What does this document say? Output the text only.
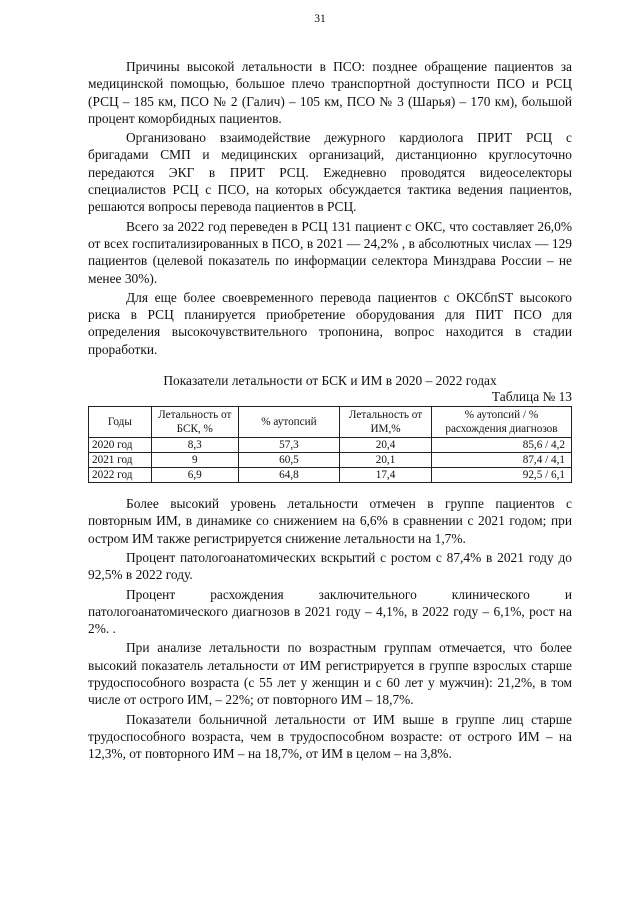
31

Причины высокой летальности в ПСО: позднее обращение пациентов за медицинской помощью, большое плечо транспортной доступности ПСО и РСЦ (РСЦ – 185 км, ПСО № 2 (Галич) – 105 км, ПСО № 3 (Шарья) – 170 км), большой процент коморбидных пациентов.

Организовано взаимодействие дежурного кардиолога ПРИТ РСЦ с бригадами СМП и медицинских организаций, дистанционно круглосуточно передаются ЭКГ в ПРИТ РСЦ. Ежедневно проводятся видеоселекторы специалистов РСЦ с ПСО, на которых обсуждается тактика ведения пациентов, решаются вопросы перевода пациентов в РСЦ.

Всего за 2022 год переведен в РСЦ 131 пациент с ОКС, что составляет 26,0% от всех госпитализированных в ПСО, в 2021 — 24,2% , в абсолютных числах — 129 пациентов (целевой показатель по информации селектора Минздрава России – не менее 30%).

Для еще более своевременного перевода пациентов с ОКСбпST высокого риска в РСЦ планируется приобретение оборудования для ПИТ ПСО для определения высокочувствительного тропонина, вопрос находится в стадии проработки.

Показатели летальности от БСК и ИМ в 2020 – 2022 годах

Таблица № 13

Годы	Летальность от БСК, %	% аутопсий	Летальность от ИМ,%	% аутопсий / % расхождения диагнозов
2020 год	8,3	57,3	20,4	85,6 / 4,2
2021 год	9	60,5	20,1	87,4 / 4,1
2022 год	6,9	64,8	17,4	92,5 / 6,1

Более высокий уровень летальности отмечен в группе пациентов с повторным ИМ, в динамике со снижением на 6,6% в сравнении с 2021 годом; при остром ИМ также регистрируется снижение летальности на 1,7%.

Процент патологоанатомических вскрытий с ростом с 87,4% в 2021 году до 92,5% в 2022 году.

Процент расхождения заключительного клинического и патологоанатомического диагнозов в 2021 году – 4,1%, в 2022 году – 6,1%, рост на 2%. .

При анализе летальности по возрастным группам отмечается, что более высокий показатель летальности от ИМ регистрируется в группе взрослых старше трудоспособного возраста (с 55 лет у женщин и с 60 лет у мужчин): 21,2%, в том числе от острого ИМ, – 22%; от повторного ИМ – 18,7%.

Показатели больничной летальности от ИМ выше в группе лиц старше трудоспособного возраста, чем в трудоспособном возрасте: от острого ИМ – на 12,3%, от повторного ИМ – на 18,7%, от ИМ в целом – на 3,8%.
